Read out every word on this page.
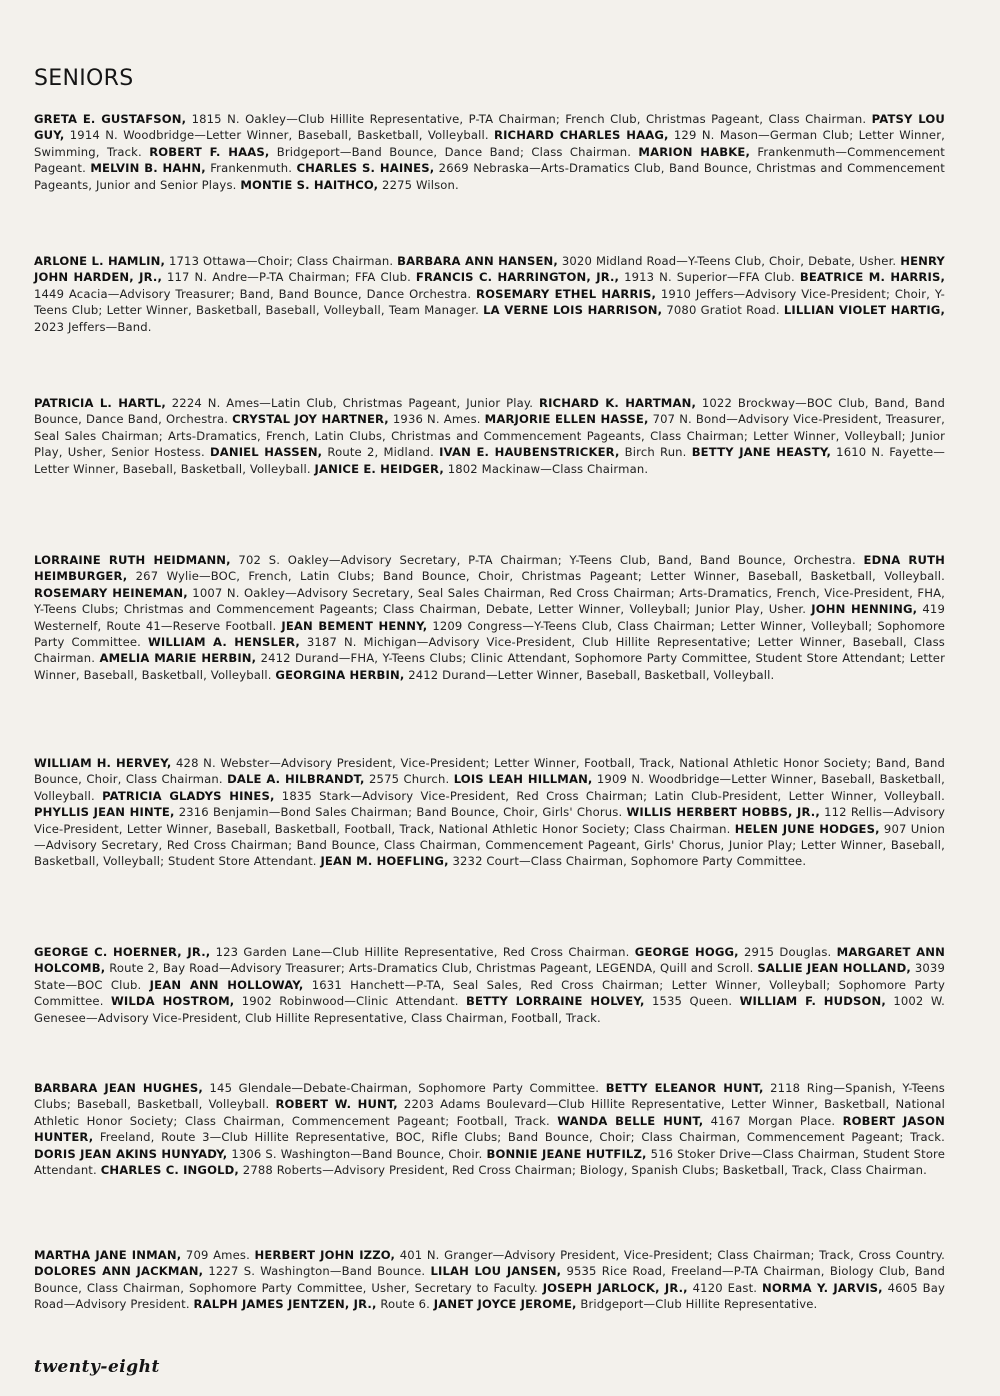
SENIORS
GRETA E. GUSTAFSON, 1815 N. Oakley—Club Hillite Representative, P-TA Chairman; French Club, Christmas Pageant, Class Chairman. PATSY LOU GUY, 1914 N. Woodbridge—Letter Winner, Baseball, Basketball, Volleyball. RICHARD CHARLES HAAG, 129 N. Mason—German Club; Letter Winner, Swimming, Track. ROBERT F. HAAS, Bridgeport—Band Bounce, Dance Band; Class Chairman. MARION HABKE, Frankenmuth—Commencement Pageant. MELVIN B. HAHN, Frankenmuth. CHARLES S. HAINES, 2669 Nebraska—Arts-Dramatics Club, Band Bounce, Christmas and Commencement Pageants, Junior and Senior Plays. MONTIE S. HAITHCO, 2275 Wilson.
ARLONE L. HAMLIN, 1713 Ottawa—Choir; Class Chairman. BARBARA ANN HANSEN, 3020 Midland Road—Y-Teens Club, Choir, Debate, Usher. HENRY JOHN HARDEN, JR., 117 N. Andre—P-TA Chairman; FFA Club. FRANCIS C. HARRINGTON, JR., 1913 N. Superior—FFA Club. BEATRICE M. HARRIS, 1449 Acacia—Advisory Treasurer; Band, Band Bounce, Dance Orchestra. ROSEMARY ETHEL HARRIS, 1910 Jeffers—Advisory Vice-President; Choir, Y-Teens Club; Letter Winner, Basketball, Baseball, Volleyball, Team Manager. LA VERNE LOIS HARRISON, 7080 Gratiot Road. LILLIAN VIOLET HARTIG, 2023 Jeffers—Band.
PATRICIA L. HARTL, 2224 N. Ames—Latin Club, Christmas Pageant, Junior Play. RICHARD K. HARTMAN, 1022 Brockway—BOC Club, Band, Band Bounce, Dance Band, Orchestra. CRYSTAL JOY HARTNER, 1936 N. Ames. MARJORIE ELLEN HASSE, 707 N. Bond—Advisory Vice-President, Treasurer, Seal Sales Chairman; Arts-Dramatics, French, Latin Clubs, Christmas and Commencement Pageants, Class Chairman; Letter Winner, Volleyball; Junior Play, Usher, Senior Hostess. DANIEL HASSEN, Route 2, Midland. IVAN E. HAUBENSTRICKER, Birch Run. BETTY JANE HEASTY, 1610 N. Fayette—Letter Winner, Baseball, Basketball, Volleyball. JANICE E. HEIDGER, 1802 Mackinaw—Class Chairman.
LORRAINE RUTH HEIDMANN, 702 S. Oakley—Advisory Secretary, P-TA Chairman; Y-Teens Club, Band, Band Bounce, Orchestra. EDNA RUTH HEIMBURGER, 267 Wylie—BOC, French, Latin Clubs; Band Bounce, Choir, Christmas Pageant; Letter Winner, Baseball, Basketball, Volleyball. ROSEMARY HEINEMAN, 1007 N. Oakley—Advisory Secretary, Seal Sales Chairman, Red Cross Chairman; Arts-Dramatics, French, Vice-President, FHA, Y-Teens Clubs; Christmas and Commencement Pageants; Class Chairman, Debate, Letter Winner, Volleyball; Junior Play, Usher. JOHN HENNING, 419 Westernelf, Route 41—Reserve Football. JEAN BEMENT HENNY, 1209 Congress—Y-Teens Club, Class Chairman; Letter Winner, Volleyball; Sophomore Party Committee. WILLIAM A. HENSLER, 3187 N. Michigan—Advisory Vice-President, Club Hillite Representative; Letter Winner, Baseball, Class Chairman. AMELIA MARIE HERBIN, 2412 Durand—FHA, Y-Teens Clubs; Clinic Attendant, Sophomore Party Committee, Student Store Attendant; Letter Winner, Baseball, Basketball, Volleyball. GEORGINA HERBIN, 2412 Durand—Letter Winner, Baseball, Basketball, Volleyball.
WILLIAM H. HERVEY, 428 N. Webster—Advisory President, Vice-President; Letter Winner, Football, Track, National Athletic Honor Society; Band, Band Bounce, Choir, Class Chairman. DALE A. HILBRANDT, 2575 Church. LOIS LEAH HILLMAN, 1909 N. Woodbridge—Letter Winner, Baseball, Basketball, Volleyball. PATRICIA GLADYS HINES, 1835 Stark—Advisory Vice-President, Red Cross Chairman; Latin Club-President, Letter Winner, Volleyball. PHYLLIS JEAN HINTE, 2316 Benjamin—Bond Sales Chairman; Band Bounce, Choir, Girls' Chorus. WILLIS HERBERT HOBBS, JR., 112 Rellis—Advisory Vice-President, Letter Winner, Baseball, Basketball, Football, Track, National Athletic Honor Society; Class Chairman. HELEN JUNE HODGES, 907 Union—Advisory Secretary, Red Cross Chairman; Band Bounce, Class Chairman, Commencement Pageant, Girls' Chorus, Junior Play; Letter Winner, Baseball, Basketball, Volleyball; Student Store Attendant. JEAN M. HOEFLING, 3232 Court—Class Chairman, Sophomore Party Committee.
GEORGE C. HOERNER, JR., 123 Garden Lane—Club Hillite Representative, Red Cross Chairman. GEORGE HOGG, 2915 Douglas. MARGARET ANN HOLCOMB, Route 2, Bay Road—Advisory Treasurer; Arts-Dramatics Club, Christmas Pageant, LEGENDA, Quill and Scroll. SALLIE JEAN HOLLAND, 3039 State—BOC Club. JEAN ANN HOLLOWAY, 1631 Hanchett—P-TA, Seal Sales, Red Cross Chairman; Letter Winner, Volleyball; Sophomore Party Committee. WILDA HOSTROM, 1902 Robinwood—Clinic Attendant. BETTY LORRAINE HOLVEY, 1535 Queen. WILLIAM F. HUDSON, 1002 W. Genesee—Advisory Vice-President, Club Hillite Representative, Class Chairman, Football, Track.
BARBARA JEAN HUGHES, 145 Glendale—Debate-Chairman, Sophomore Party Committee. BETTY ELEANOR HUNT, 2118 Ring—Spanish, Y-Teens Clubs; Baseball, Basketball, Volleyball. ROBERT W. HUNT, 2203 Adams Boulevard—Club Hillite Representative, Letter Winner, Basketball, National Athletic Honor Society; Class Chairman, Commencement Pageant; Football, Track. WANDA BELLE HUNT, 4167 Morgan Place. ROBERT JASON HUNTER, Freeland, Route 3—Club Hillite Representative, BOC, Rifle Clubs; Band Bounce, Choir; Class Chairman, Commencement Pageant; Track. DORIS JEAN AKINS HUNYADY, 1306 S. Washington—Band Bounce, Choir. BONNIE JEANE HUTFILZ, 516 Stoker Drive—Class Chairman, Student Store Attendant. CHARLES C. INGOLD, 2788 Roberts—Advisory President, Red Cross Chairman; Biology, Spanish Clubs; Basketball, Track, Class Chairman.
MARTHA JANE INMAN, 709 Ames. HERBERT JOHN IZZO, 401 N. Granger—Advisory President, Vice-President; Class Chairman; Track, Cross Country. DOLORES ANN JACKMAN, 1227 S. Washington—Band Bounce. LILAH LOU JANSEN, 9535 Rice Road, Freeland—P-TA Chairman, Biology Club, Band Bounce, Class Chairman, Sophomore Party Committee, Usher, Secretary to Faculty. JOSEPH JARLOCK, JR., 4120 East. NORMA Y. JARVIS, 4605 Bay Road—Advisory President. RALPH JAMES JENTZEN, JR., Route 6. JANET JOYCE JEROME, Bridgeport—Club Hillite Representative.
twenty-eight
